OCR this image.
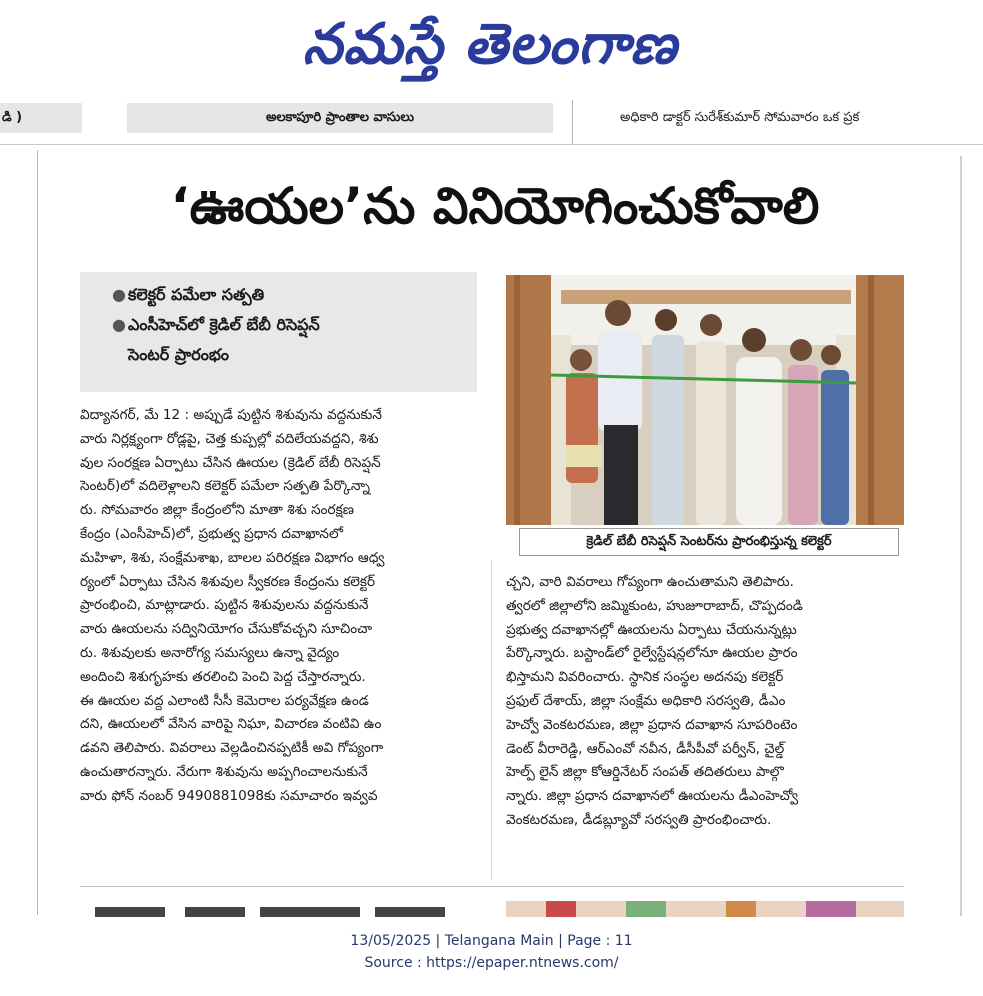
నమస్తే తెలంగాణ
డి )	అలకాపూరి ప్రాంతాల వాసులు	అధికారి డాక్టర్ సురేశ్‌కుమార్ సోమవారం ఒక ప్రక
‘ఊయల’ను వినియోగించుకోవాలి
● కలెక్టర్ పమేలా సత్పతి
● ఎంసీహెచ్‌లో క్రెడిల్ బేబీ రిసెప్షన్
సెంటర్ ప్రారంభం
క్రెడిల్ బేబీ రిసెప్షన్ సెంటర్‌ను ప్రారంభిస్తున్న కలెక్టర్
విద్యానగర్, మే 12 : అప్పుడే పుట్టిన శిశువును వద్దనుకునే
వారు నిర్లక్ష్యంగా రోడ్లపై, చెత్త కుప్పల్లో వదిలేయవద్దని, శిశు
వుల సంరక్షణ ఏర్పాటు చేసిన ఊయల (క్రెడిల్ బేబీ రిసెప్షన్
సెంటర్)లో వదిలెళ్లాలని కలెక్టర్ పమేలా సత్పతి పేర్కొన్నా
రు. సోమవారం జిల్లా కేంద్రంలోని మాతా శిశు సంరక్షణ
కేంద్రం (ఎంసీహెచ్)లో, ప్రభుత్వ ప్రధాన దవాఖానలో
మహిళా, శిశు, సంక్షేమశాఖ, బాలల పరిరక్షణ విభాగం ఆధ్వ
ర్యంలో ఏర్పాటు చేసిన శిశువుల స్వీకరణ కేంద్రంను కలెక్టర్
ప్రారంభించి, మాట్లాడారు. పుట్టిన శిశువులను వద్దనుకునే
వారు ఊయలను సద్వినియోగం చేసుకోవచ్చని సూచించా
రు. శిశువులకు అనారోగ్య సమస్యలు ఉన్నా వైద్యం
అందించి శిశుగృహకు తరలించి పెంచి పెద్ద చేస్తారన్నారు.
ఈ ఊయల వద్ద ఎలాంటి సీసీ కెమెరాల పర్యవేక్షణ ఉండ
దని, ఊయలలో వేసిన వారిపై నిఘా, విచారణ వంటివి ఉం
డవని తెలిపారు. వివరాలు వెల్లడించినప్పటికీ అవి గోప్యంగా
ఉంచుతారన్నారు. నేరుగా శిశువును అప్పగించాలనుకునే
వారు ఫోన్ నంబర్ 9490881098కు సమాచారం ఇవ్వవ
చ్చని, వారి వివరాలు గోప్యంగా ఉంచుతామని తెలిపారు.
త్వరలో జిల్లాలోని జమ్మికుంట, హుజూరాబాద్, చొప్పదండి
ప్రభుత్వ దవాఖానల్లో ఊయలను ఏర్పాటు చేయనున్నట్లు
పేర్కొన్నారు. బస్టాండ్‌లో రైల్వేస్టేషన్లలోనూ ఊయల ప్రారం
భిస్తామని వివరించారు. స్థానిక సంస్థల అదనపు కలెక్టర్
ప్రఫుల్ దేశాయ్, జిల్లా సంక్షేమ అధికారి సరస్వతి, డీఎం
హెచ్వో వెంకటరమణ, జిల్లా ప్రధాన దవాఖాన సూపరింటెం
డెంట్ వీరారెడ్డి, ఆర్ఎంవో నవీన, డీసీపీవో పర్వీన్, చైల్డ్
హెల్ప్ లైన్ జిల్లా కోఆర్డినేటర్ సంపత్ తదితరులు పాల్గొ
న్నారు. జిల్లా ప్రధాన దవాఖానలో ఊయలను డీఎంహెచ్వో
వెంకటరమణ, డీడబ్ల్యూవో సరస్వతి ప్రారంభించారు.
13/05/2025 | Telangana Main | Page : 11
Source : https://epaper.ntnews.com/
